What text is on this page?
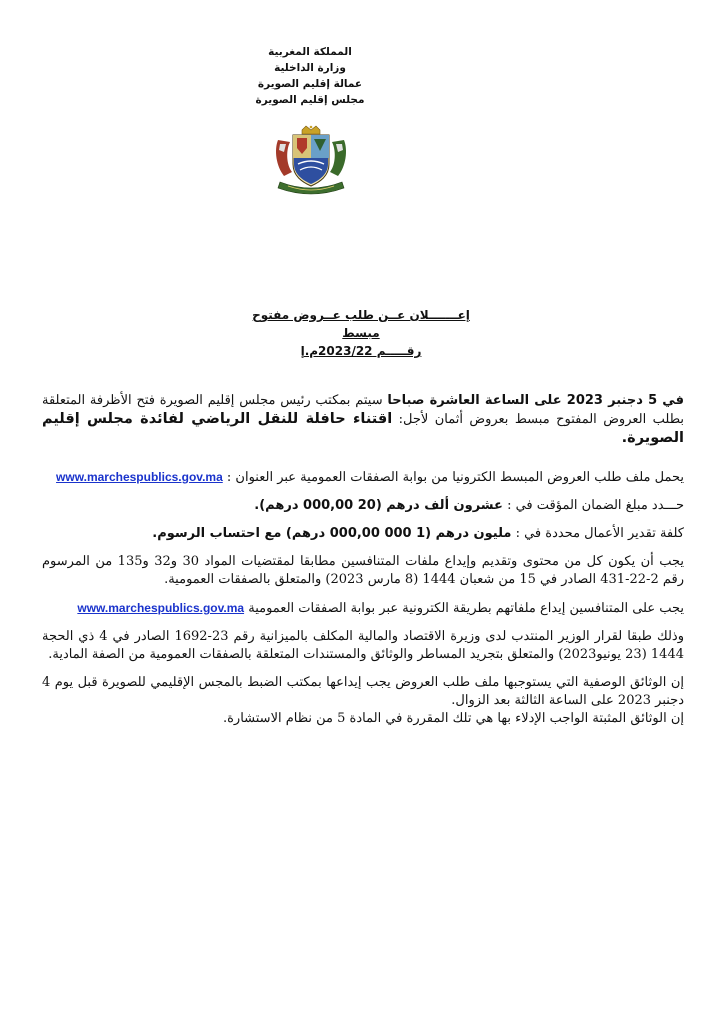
المملكة المغربية
وزارة الداخلية
عمالة إقليم الصويرة
مجلس إقليم الصويرة
إعـــــــلان عــن طلب عــروض مفتوح مبسط
رقـــــم 2023/22م.إ

في 5 دجنبر 2023 على الساعة العاشرة صباحا سيتم بمكتب رئيس مجلس إقليم الصويرة فتح الأظرفة المتعلقة بطلب العروض المفتوح مبسط بعروض أثمان لأجل: اقتناء حافلة للنقل الرياضي لفائدة مجلس إقليم الصويرة.

يحمل ملف طلب العروض المبسط الكترونيا من بوابة الصفقات العمومية عبر العنوان : www.marchespublics.gov.ma

حـــدد مبلغ الضمان المؤقت في : عشرون ألف درهم (20 000,00 درهم).

كلفة تقدير الأعمال محددة في : مليون درهم (1 000 000,00 درهم) مع احتساب الرسوم.

يجب أن يكون كل من محتوى وتقديم وإيداع ملفات المتنافسين مطابقا لمقتضيات المواد 30 و32 و135 من المرسوم رقم 2-22-431 الصادر في 15 من شعبان 1444 (8 مارس 2023) والمتعلق بالصفقات العمومية.

يجب على المتنافسين إيداع ملفاتهم بطريقة الكترونية عبر بوابة الصفقات العمومية www.marchespublics.gov.ma

وذلك طبقا لقرار الوزير المنتدب لدى وزيرة الاقتصاد والمالية المكلف بالميزانية رقم 23-1692 الصادر في 4 ذي الحجة 1444 (23 يونيو2023) والمتعلق بتجريد المساطر والوثائق والمستندات المتعلقة بالصفقات العمومية من الصفة المادية.

إن الوثائق الوصفية التي يستوجبها ملف طلب العروض يجب إيداعها بمكتب الضبط بالمجس الإقليمي للصويرة قبل يوم 4 دجنبر 2023 على الساعة الثالثة بعد الزوال.

إن الوثائق المثبتة الواجب الإدلاء بها هي تلك المقررة في المادة 5 من نظام الاستشارة.
